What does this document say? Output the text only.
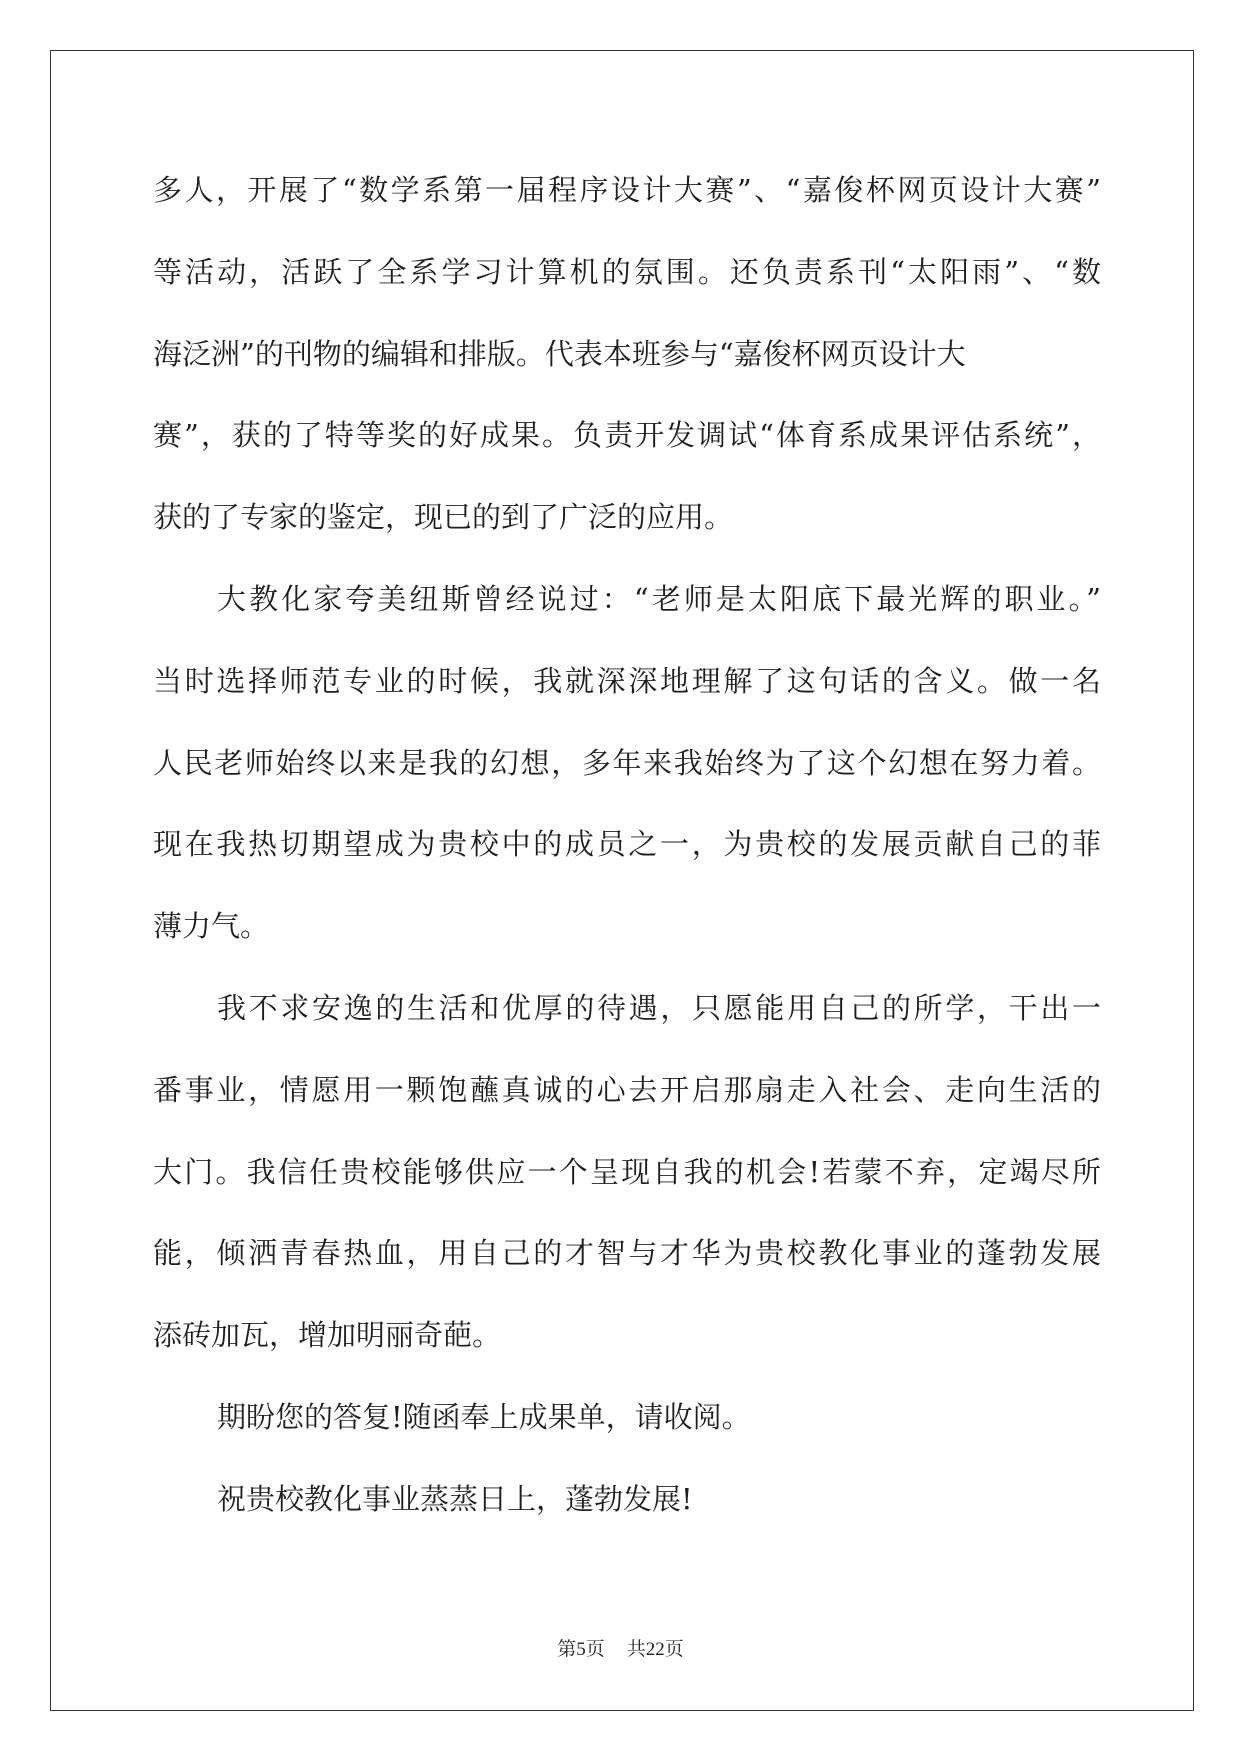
多人，开展了“数学系第一届程序设计大赛”、“嘉俊杯网页设计大赛”
等活动，活跃了全系学习计算机的氛围。还负责系刊“太阳雨”、“数
海泛洲”的刊物的编辑和排版。代表本班参与“嘉俊杯网页设计大
赛”，获的了特等奖的好成果。负责开发调试“体育系成果评估系统”，
获的了专家的鉴定，现已的到了广泛的应用。
大教化家夸美纽斯曾经说过：“老师是太阳底下最光辉的职业。”
当时选择师范专业的时候，我就深深地理解了这句话的含义。做一名
人民老师始终以来是我的幻想，多年来我始终为了这个幻想在努力着。
现在我热切期望成为贵校中的成员之一，为贵校的发展贡献自己的菲
薄力气。
我不求安逸的生活和优厚的待遇，只愿能用自己的所学，干出一
番事业，情愿用一颗饱蘸真诚的心去开启那扇走入社会、走向生活的
大门。我信任贵校能够供应一个呈现自我的机会!若蒙不弃，定竭尽所
能，倾洒青春热血，用自己的才智与才华为贵校教化事业的蓬勃发展
添砖加瓦，增加明丽奇葩。
期盼您的答复!随函奉上成果单，请收阅。
祝贵校教化事业蒸蒸日上，蓬勃发展!
第5页 共22页
